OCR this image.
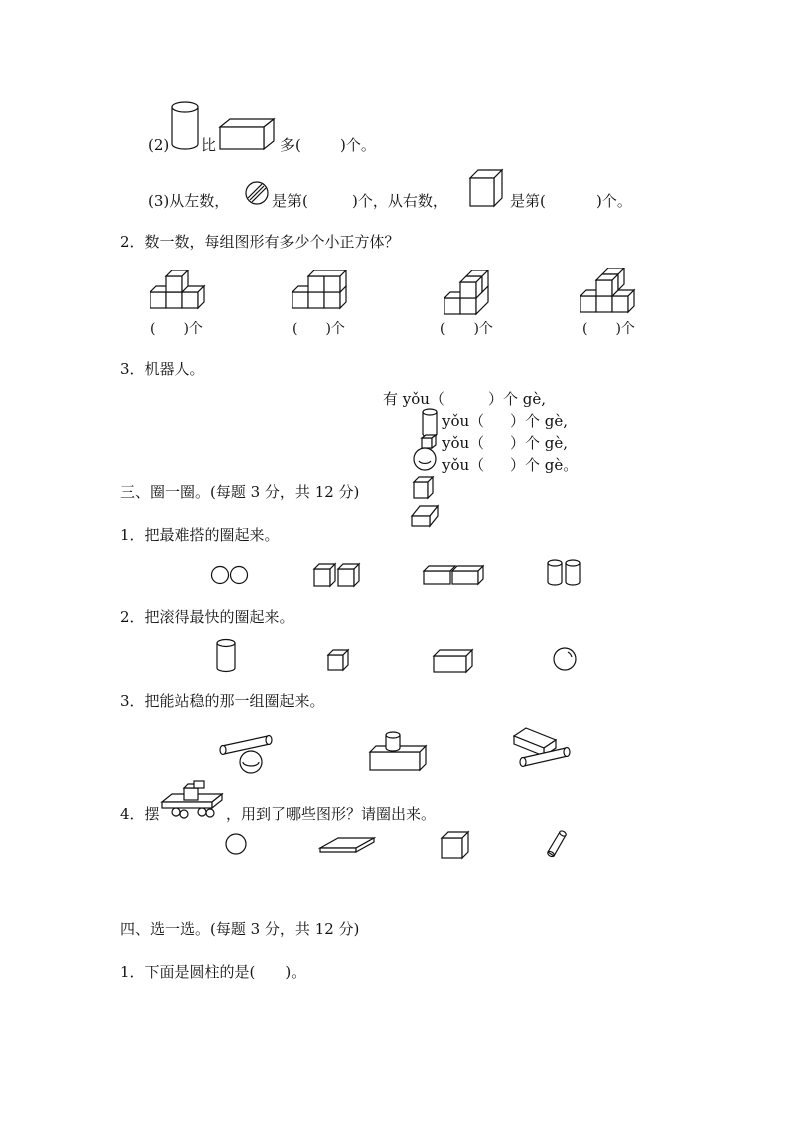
(2) 比	多(	)个。
(3)从左数，	是第(	)个，从右数，	是第(	)个。
2．数一数，每组图形有多少个小正方体？
(　　)个	(　　)个	(　　)个	(　　)个
3．机器人。
有 yǒu（	）个 gè,
yǒu（ ）个 gè,
yǒu（ ）个 gè,
yǒu（ ）个 gè。
三、圈一圈。(每题 3 分，共 12 分)
1．把最难搭的圈起来。
2．把滚得最快的圈起来。
3．把能站稳的那一组圈起来。
4．摆	，用到了哪些图形？请圈出来。
四、选一选。(每题 3 分，共 12 分)
1．下面是圆柱的是(　　)。
